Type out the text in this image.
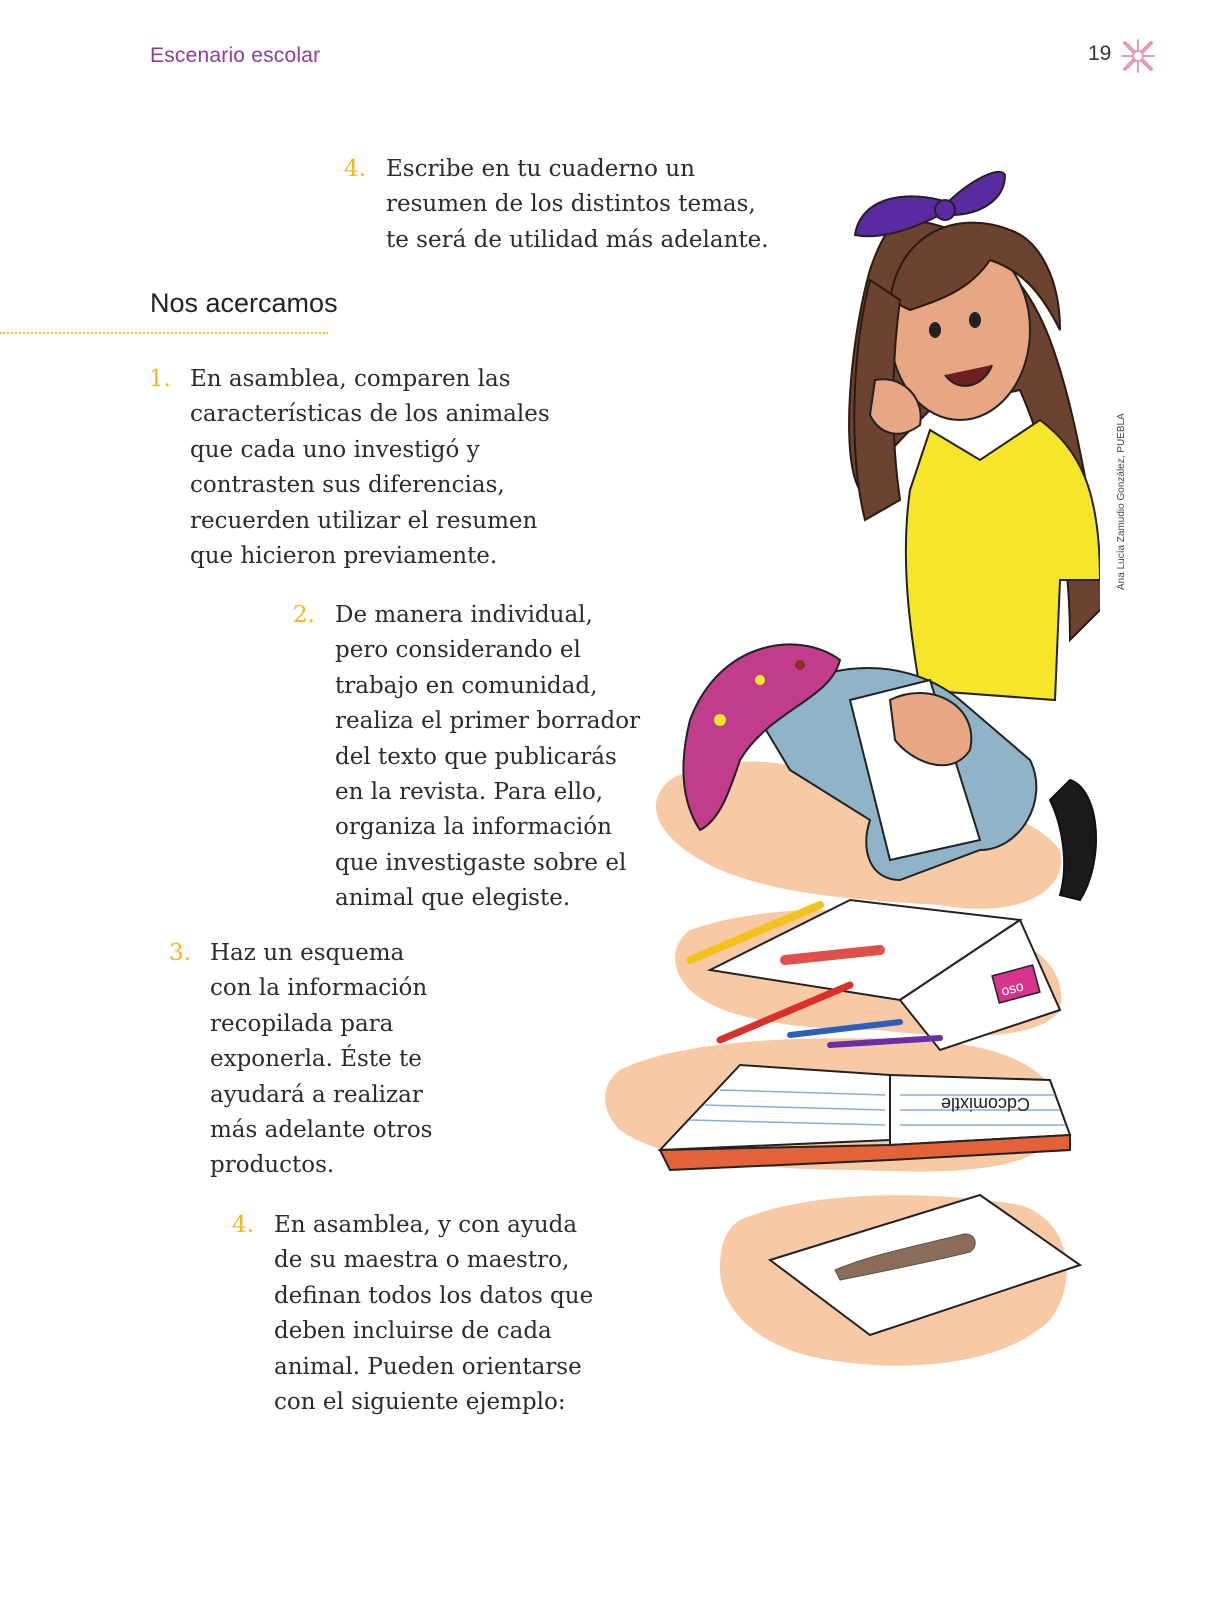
Escenario escolar	19
4. Escribe en tu cuaderno un
resumen de los distintos temas,
te será de utilidad más adelante.
Nos acercamos
1. En asamblea, comparen las
características de los animales
que cada uno investigó y
contrasten sus diferencias,
recuerden utilizar el resumen
que hicieron previamente.
2. De manera individual,
pero considerando el
trabajo en comunidad,
realiza el primer borrador
del texto que publicarás
en la revista. Para ello,
organiza la información
que investigaste sobre el
animal que elegiste.
3. Haz un esquema
con la información
recopilada para
exponerla. Éste te
ayudará a realizar
más adelante otros
productos.
4. En asamblea, y con ayuda
de su maestra o maestro,
definan todos los datos que
deben incluirse de cada
animal. Pueden orientarse
con el siguiente ejemplo:
Ana Lucía Zamudio González, PUEBLA
oso
Cdcomixtle
